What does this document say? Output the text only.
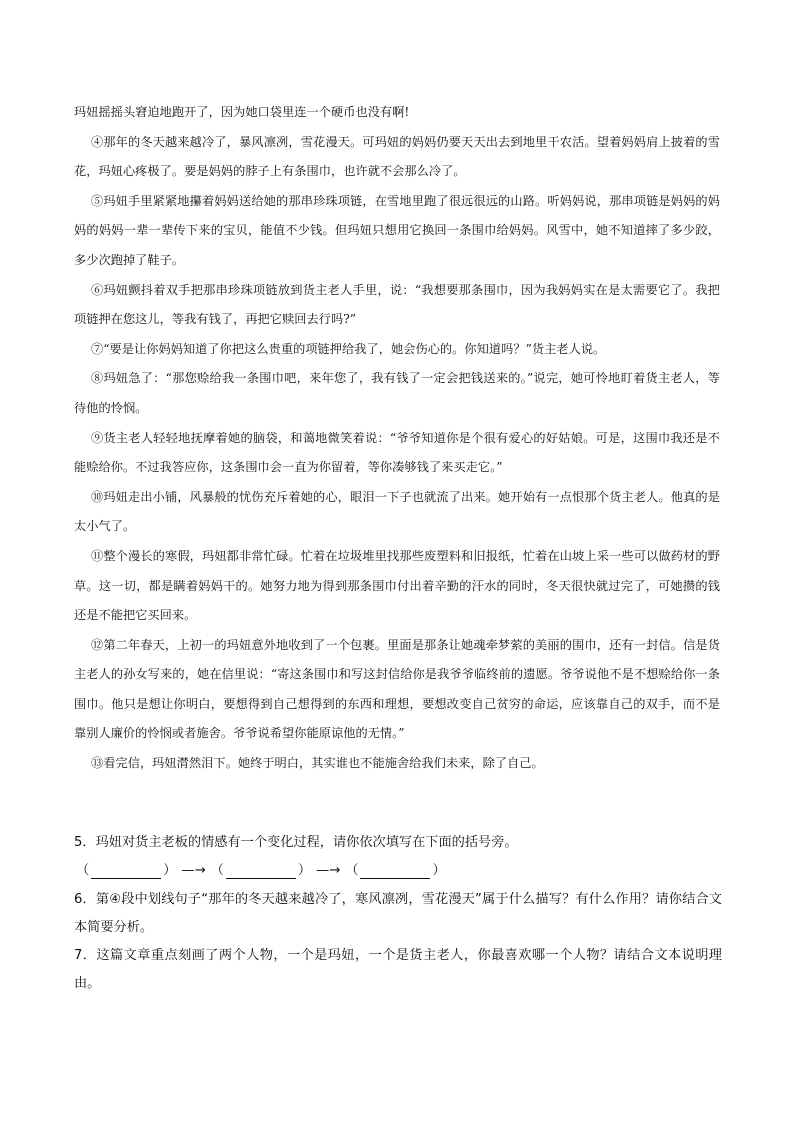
玛妞摇摇头窘迫地跑开了，因为她口袋里连一个硬币也没有啊!

④那年的冬天越来越冷了，暴风凛冽，雪花漫天。可玛妞的妈妈仍要天天出去到地里干农活。望着妈妈肩上披着的雪花，玛妞心疼极了。要是妈妈的脖子上有条围巾，也许就不会那么冷了。

⑤玛妞手里紧紧地攥着妈妈送给她的那串珍珠项链，在雪地里跑了很远很远的山路。听妈妈说，那串项链是妈妈的妈妈的妈妈一辈一辈传下来的宝贝，能值不少钱。但玛妞只想用它换回一条围巾给妈妈。风雪中，她不知道摔了多少跤，多少次跑掉了鞋子。

⑥玛妞颤抖着双手把那串珍珠项链放到货主老人手里，说：“我想要那条围巾，因为我妈妈实在是太需要它了。我把项链押在您这儿，等我有钱了，再把它赎回去行吗?”

⑦“要是让你妈妈知道了你把这么贵重的项链押给我了，她会伤心的。你知道吗？”货主老人说。

⑧玛妞急了：“那您赊给我一条围巾吧，来年您了，我有钱了一定会把钱送来的。”说完，她可怜地盯着货主老人，等待他的怜悯。

⑨货主老人轻轻地抚摩着她的脑袋，和蔼地微笑着说：“爷爷知道你是个很有爱心的好姑娘。可是，这围巾我还是不能赊给你。不过我答应你，这条围巾会一直为你留着，等你凑够钱了来买走它。”

⑩玛妞走出小铺，风暴般的忧伤充斥着她的心，眼泪一下子也就流了出来。她开始有一点恨那个货主老人。他真的是太小气了。

⑪整个漫长的寒假，玛妞都非常忙碌。忙着在垃圾堆里找那些废塑料和旧报纸，忙着在山坡上采一些可以做药材的野草。这一切，都是瞒着妈妈干的。她努力地为得到那条围巾付出着辛勤的汗水的同时，冬天很快就过完了，可她攒的钱还是不能把它买回来。

⑫第二年春天，上初一的玛妞意外地收到了一个包裹。里面是那条让她魂牵梦萦的美丽的围巾，还有一封信。信是货主老人的孙女写来的，她在信里说：“寄这条围巾和写这封信给你是我爷爷临终前的遗愿。爷爷说他不是不想赊给你一条围巾。他只是想让你明白，要想得到自己想得到的东西和理想，要想改变自己贫穷的命运，应该靠自己的双手，而不是靠别人廉价的怜悯或者施舍。爷爷说希望你能原谅他的无情。”

⑬看完信，玛妞潸然泪下。她终于明白，其实谁也不能施舍给我们未来，除了自己。

5．玛妞对货主老板的情感有一个变化过程，请你依次填写在下面的括号旁。

（	） —→ （	） —→ （	）

6．第④段中划线句子“那年的冬天越来越冷了，寒风凛冽，雪花漫天”属于什么描写？有什么作用？请你结合文本简要分析。

7．这篇文章重点刻画了两个人物，一个是玛妞，一个是货主老人，你最喜欢哪一个人物？请结合文本说明理由。
